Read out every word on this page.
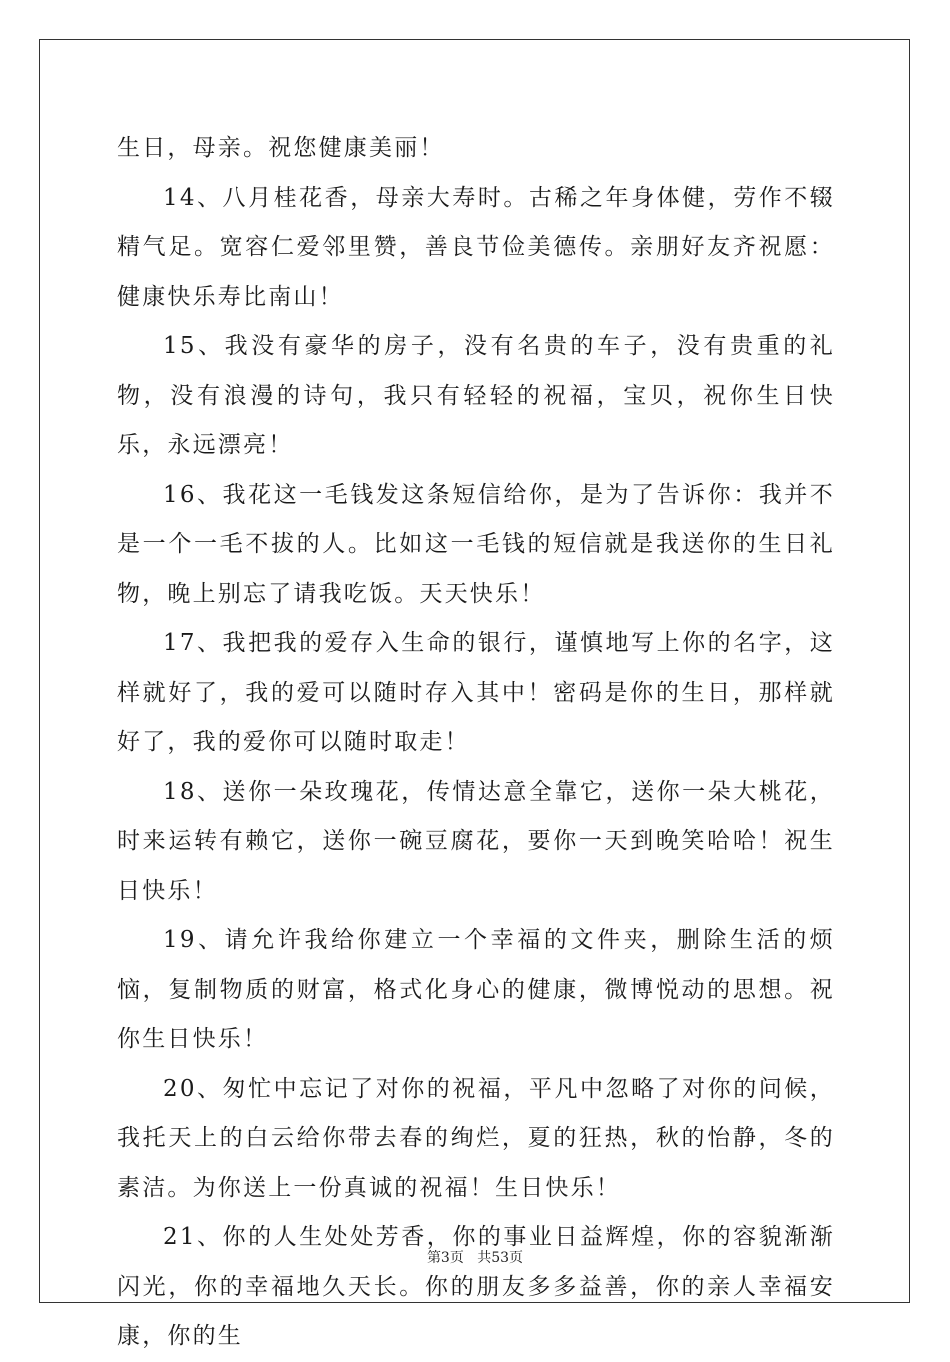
生日，母亲。祝您健康美丽！

14、八月桂花香，母亲大寿时。古稀之年身体健，劳作不辍精气足。宽容仁爱邻里赞，善良节俭美德传。亲朋好友齐祝愿：健康快乐寿比南山！

15、我没有豪华的房子，没有名贵的车子，没有贵重的礼物，没有浪漫的诗句，我只有轻轻的祝福，宝贝，祝你生日快乐，永远漂亮！

16、我花这一毛钱发这条短信给你，是为了告诉你：我并不是一个一毛不拔的人。比如这一毛钱的短信就是我送你的生日礼物，晚上别忘了请我吃饭。天天快乐！

17、我把我的爱存入生命的银行，谨慎地写上你的名字，这样就好了，我的爱可以随时存入其中！密码是你的生日，那样就好了，我的爱你可以随时取走！

18、送你一朵玫瑰花，传情达意全靠它，送你一朵大桃花，时来运转有赖它，送你一碗豆腐花，要你一天到晚笑哈哈！祝生日快乐！

19、请允许我给你建立一个幸福的文件夹，删除生活的烦恼，复制物质的财富，格式化身心的健康，微博悦动的思想。祝你生日快乐！

20、匆忙中忘记了对你的祝福，平凡中忽略了对你的问候，我托天上的白云给你带去春的绚烂，夏的狂热，秋的怡静，冬的素洁。为你送上一份真诚的祝福！生日快乐！

21、你的人生处处芳香，你的事业日益辉煌，你的容貌渐渐闪光，你的幸福地久天长。你的朋友多多益善，你的亲人幸福安康，你的生

第3页 共53页
